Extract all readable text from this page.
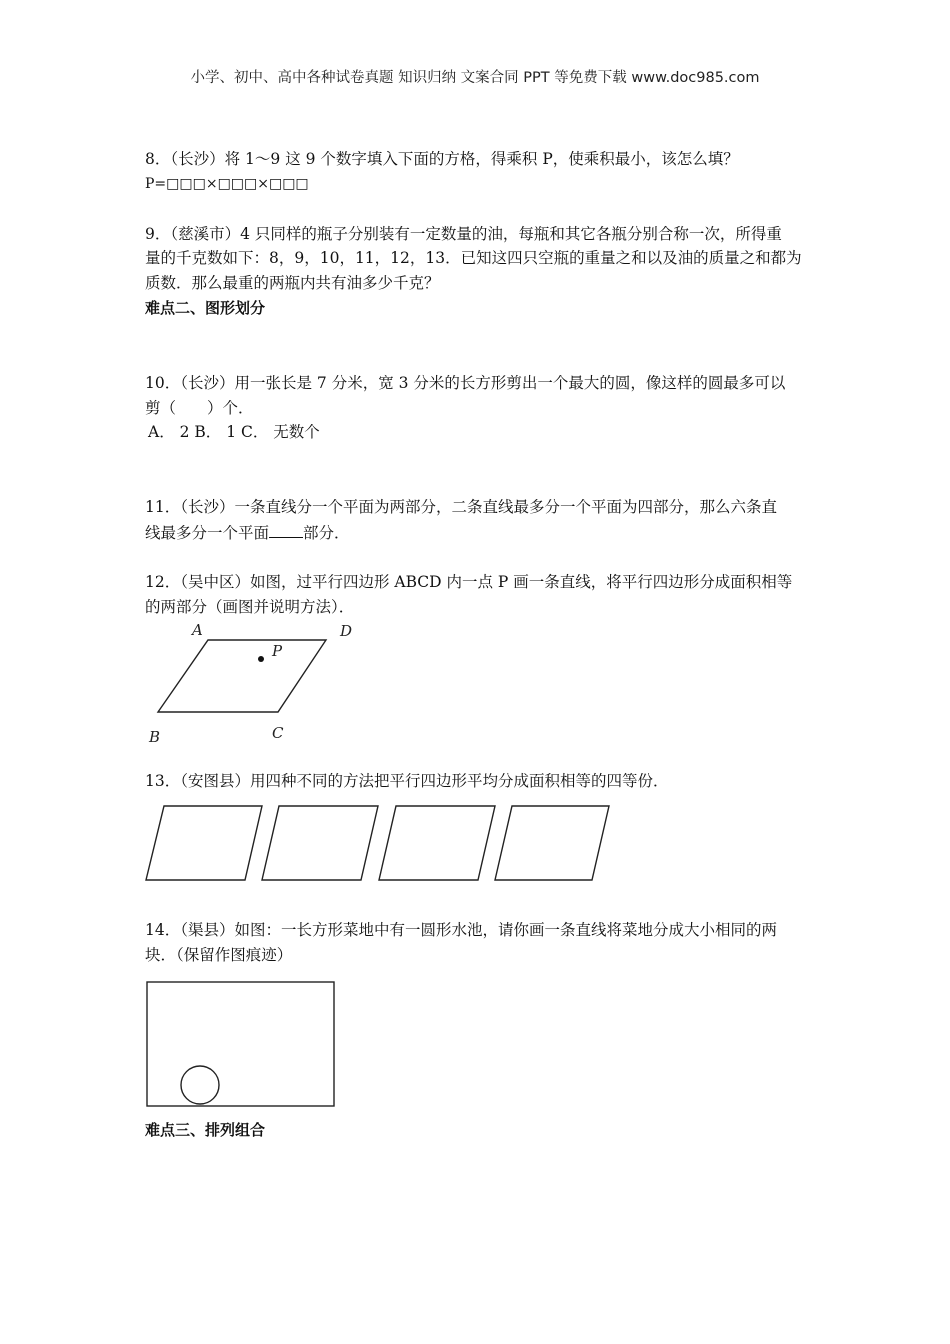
小学、初中、高中各种试卷真题 知识归纳 文案合同 PPT 等免费下载 www.doc985.com
8．（长沙）将 1～9 这 9 个数字填入下面的方格，得乘积 P，使乘积最小，该怎么填？
P=□□□×□□□×□□□
9．（慈溪市）4 只同样的瓶子分别装有一定数量的油，每瓶和其它各瓶分别合称一次，所得重
量的千克数如下：8，9，10，11，12，13．已知这四只空瓶的重量之和以及油的质量之和都为
质数．那么最重的两瓶内共有油多少千克？
难点二、图形划分
10．（长沙）用一张长是 7 分米，宽 3 分米的长方形剪出一个最大的圆，像这样的圆最多可以
剪（　　）个．
A． 2 B． 1 C． 无数个
11．（长沙）一条直线分一个平面为两部分，二条直线最多分一个平面为四部分，那么六条直
线最多分一个平面 部分．
12．（吴中区）如图，过平行四边形 ABCD 内一点 P 画一条直线，将平行四边形分成面积相等
的两部分（画图并说明方法）．
A	D
P
B	C
13．（安图县）用四种不同的方法把平行四边形平均分成面积相等的四等份．
14．（渠县）如图：一长方形菜地中有一圆形水池，请你画一条直线将菜地分成大小相同的两
块．（保留作图痕迹）
难点三、排列组合
